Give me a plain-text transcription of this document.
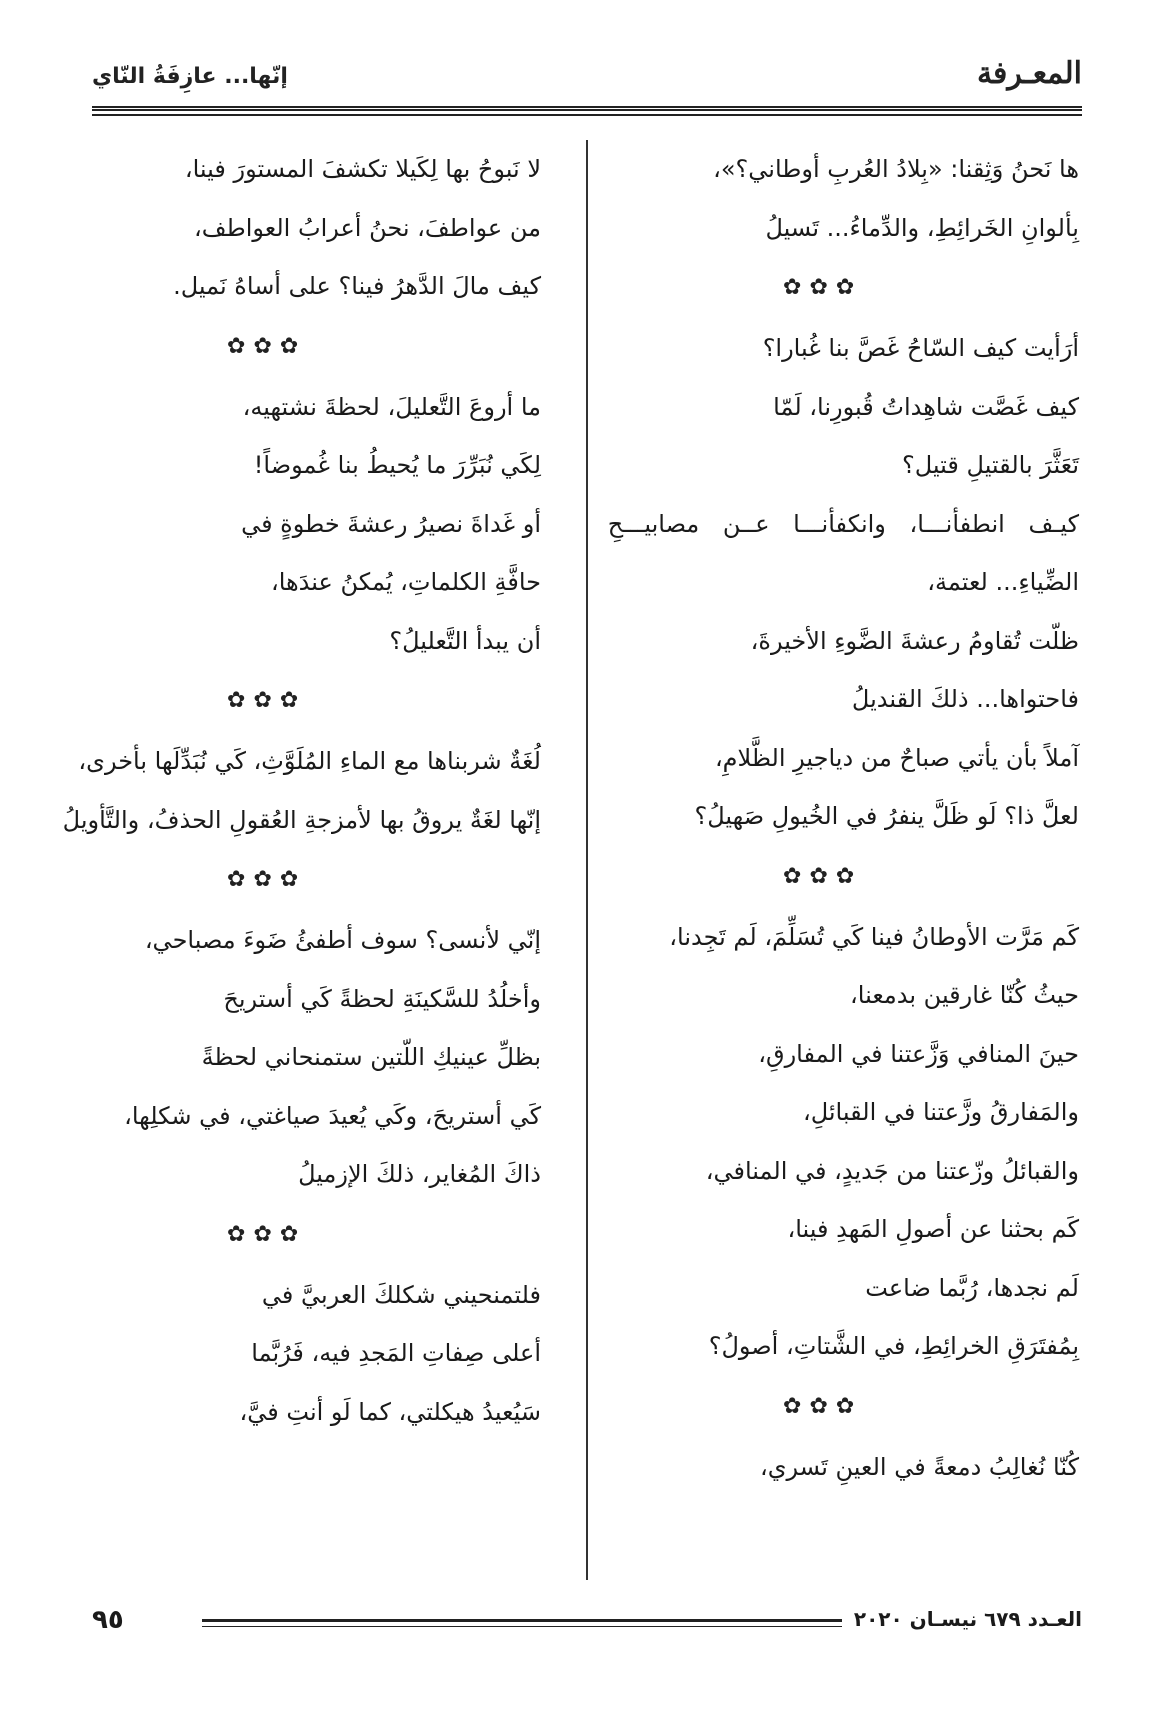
المعـرفة
إنّها... عازِفَةُ النّاي
ها نَحنُ وَثِقنا: «بِلادُ العُربِ أوطاني؟»،
بِألوانِ الخَرائِطِ، والدِّماءُ... تَسيلُ
✿ ✿ ✿
أرَأيت كيف السّاحُ غَصَّ بنا غُبارا؟
كيف غَصَّت شاهِداتُ قُبورِنا، لَمّا
تَعَثَّرَ بالقتيلِ قتيل؟
كيـف انطفأنـــا، وانكفأنـــا عــن مصابيـــحِ
الضِّياءِ... لعتمة،
ظلّت تُقاومُ رعشةَ الضَّوءِ الأخيرةَ،
فاحتواها... ذلكَ القنديلُ
آملاً بأن يأتي صباحٌ من دياجيرِ الظَّلامِ،
لعلَّ ذا؟ لَو ظَلَّ ينفرُ في الخُيولِ صَهيلُ؟
✿ ✿ ✿
كَم مَرَّت الأوطانُ فينا كَي تُسَلِّمَ، لَم تَجِدنا،
حيثُ كُنّا غارقين بدمعنا،
حينَ المنافي وَزَّعتنا في المفارقِ،
والمَفارقُ وزَّعتنا في القبائلِ،
والقبائلُ وزّعتنا من جَديدٍ، في المنافي،
كَم بحثنا عن أصولِ المَهدِ فينا،
لَم نجدها، رُبَّما ضاعت
بِمُفتَرَقِ الخرائِطِ، في الشَّتاتِ، أصولُ؟
✿ ✿ ✿
كُنّا نُغالِبُ دمعةً في العينِ تَسري،
لا نَبوحُ بها لِكَيلا تكشفَ المستورَ فينا،
من عواطفَ، نحنُ أعرابُ العواطف،
كيف مالَ الدَّهرُ فينا؟ على أساهُ نَميل.
✿ ✿ ✿
ما أروعَ التَّعليلَ، لحظةَ نشتهيه،
لِكَي نُبَرِّرَ ما يُحيطُ بنا غُموضاً!
أو غَداةَ نصيرُ رعشةَ خطوةٍ في
حافَّةِ الكلماتِ، يُمكنُ عندَها،
أن يبدأ التَّعليلُ؟
✿ ✿ ✿
لُغَةٌ شربناها مع الماءِ المُلَوَّثِ، كَي نُبَدِّلَها بأخرى،
إنّها لغَةٌ يروقُ بها لأمزجةِ العُقولِ الحذفُ، والتَّأويلُ
✿ ✿ ✿
إنّي لأنسى؟ سوف أطفئُ ضَوءَ مصباحي،
وأخلُدُ للسَّكينَةِ لحظةً كَي أستريحَ
بظلِّ عينيكِ اللّتين ستمنحاني لحظةً
كَي أستريحَ، وكَي يُعيدَ صياغتي، في شكلِها،
ذاكَ المُغاير، ذلكَ الإزميلُ
✿ ✿ ✿
فلتمنحيني شكلكَ العربيَّ في
أعلى صِفاتِ المَجدِ فيه، فَرُبَّما
سَيُعيدُ هيكلتي، كما لَو أنتِ فيَّ،
٩٥	العـدد ٦٧٩ نيسـان ٢٠٢٠
